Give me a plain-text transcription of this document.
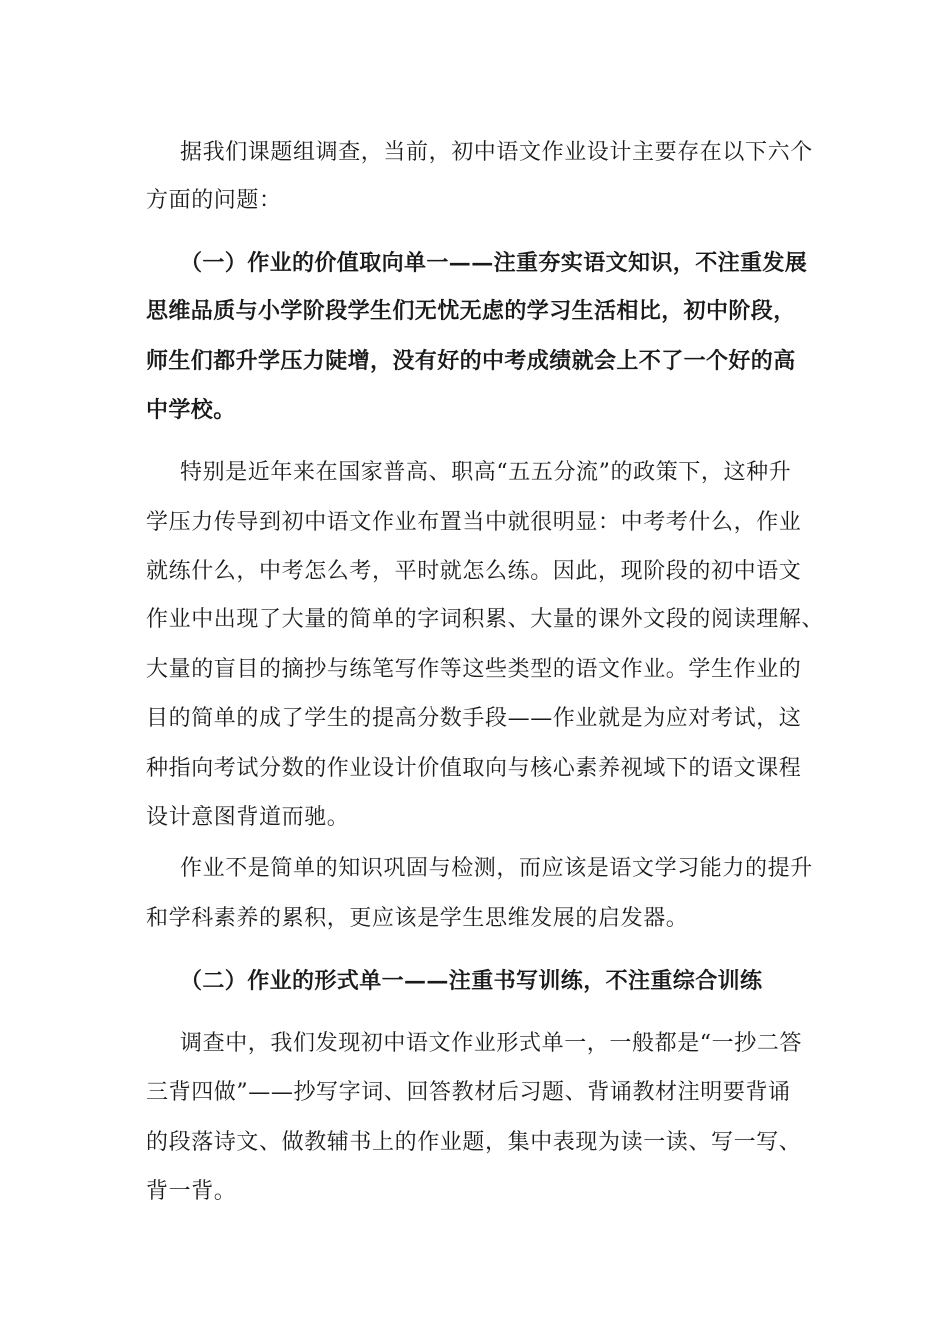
据我们课题组调查，当前，初中语文作业设计主要存在以下六个
方面的问题：
（一）作业的价值取向单一——注重夯实语文知识，不注重发展
思维品质与小学阶段学生们无忧无虑的学习生活相比，初中阶段，
师生们都升学压力陡增，没有好的中考成绩就会上不了一个好的高
中学校。
特别是近年来在国家普高、职高“五五分流”的政策下，这种升
学压力传导到初中语文作业布置当中就很明显：中考考什么，作业
就练什么，中考怎么考，平时就怎么练。因此，现阶段的初中语文
作业中出现了大量的简单的字词积累、大量的课外文段的阅读理解、
大量的盲目的摘抄与练笔写作等这些类型的语文作业。学生作业的
目的简单的成了学生的提高分数手段——作业就是为应对考试，这
种指向考试分数的作业设计价值取向与核心素养视域下的语文课程
设计意图背道而驰。
作业不是简单的知识巩固与检测，而应该是语文学习能力的提升
和学科素养的累积，更应该是学生思维发展的启发器。
（二）作业的形式单一——注重书写训练，不注重综合训练
调查中，我们发现初中语文作业形式单一，一般都是“一抄二答
三背四做”——抄写字词、回答教材后习题、背诵教材注明要背诵
的段落诗文、做教辅书上的作业题，集中表现为读一读、写一写、
背一背。
